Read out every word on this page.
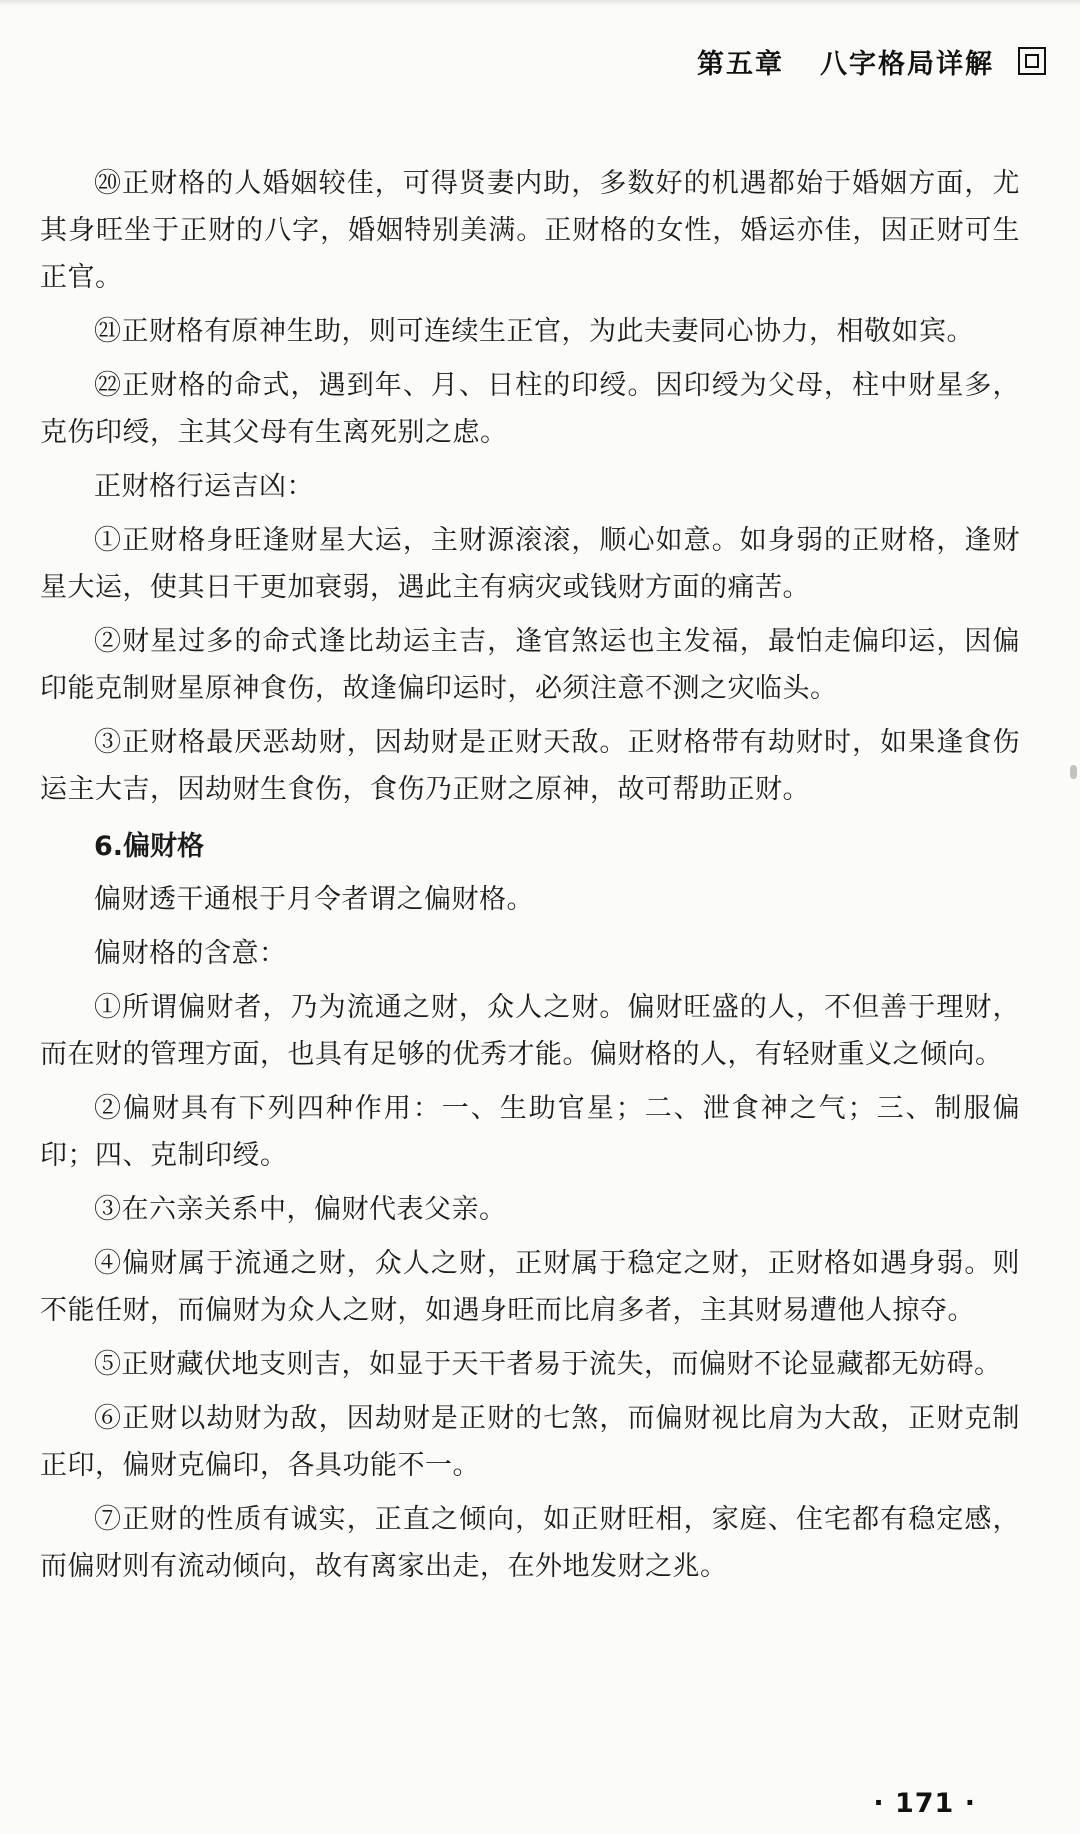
第五章 八字格局详解

⑳正财格的人婚姻较佳，可得贤妻内助，多数好的机遇都始于婚姻方面，尤其身旺坐于正财的八字，婚姻特别美满。正财格的女性，婚运亦佳，因正财可生正官。

㉑正财格有原神生助，则可连续生正官，为此夫妻同心协力，相敬如宾。

㉒正财格的命式，遇到年、月、日柱的印绶。因印绶为父母，柱中财星多，克伤印绶，主其父母有生离死别之虑。

正财格行运吉凶：

①正财格身旺逢财星大运，主财源滚滚，顺心如意。如身弱的正财格，逢财星大运，使其日干更加衰弱，遇此主有病灾或钱财方面的痛苦。

②财星过多的命式逢比劫运主吉，逢官煞运也主发福，最怕走偏印运，因偏印能克制财星原神食伤，故逢偏印运时，必须注意不测之灾临头。

③正财格最厌恶劫财，因劫财是正财天敌。正财格带有劫财时，如果逢食伤运主大吉，因劫财生食伤，食伤乃正财之原神，故可帮助正财。

6.偏财格

偏财透干通根于月令者谓之偏财格。

偏财格的含意：

①所谓偏财者，乃为流通之财，众人之财。偏财旺盛的人，不但善于理财，而在财的管理方面，也具有足够的优秀才能。偏财格的人，有轻财重义之倾向。

②偏财具有下列四种作用：一、生助官星；二、泄食神之气；三、制服偏印；四、克制印绶。

③在六亲关系中，偏财代表父亲。

④偏财属于流通之财，众人之财，正财属于稳定之财，正财格如遇身弱。则不能任财，而偏财为众人之财，如遇身旺而比肩多者，主其财易遭他人掠夺。

⑤正财藏伏地支则吉，如显于天干者易于流失，而偏财不论显藏都无妨碍。

⑥正财以劫财为敌，因劫财是正财的七煞，而偏财视比肩为大敌，正财克制正印，偏财克偏印，各具功能不一。

⑦正财的性质有诚实，正直之倾向，如正财旺相，家庭、住宅都有稳定感，而偏财则有流动倾向，故有离家出走，在外地发财之兆。

· 171 ·
